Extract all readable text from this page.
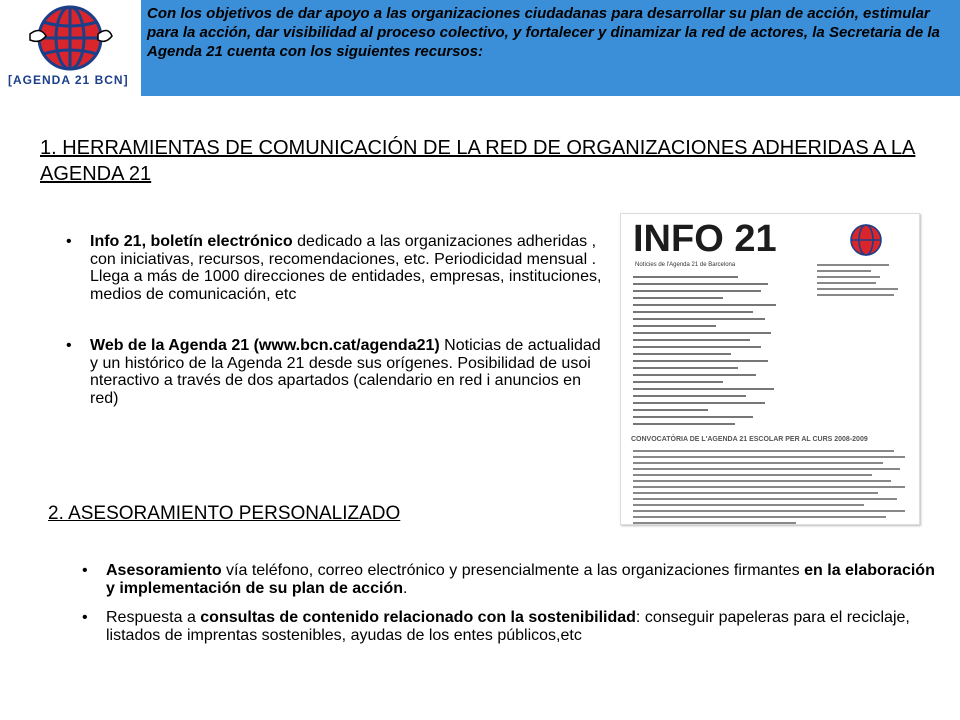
[AGENDA 21 BCN]
Con los objetivos de dar apoyo a las organizaciones ciudadanas para desarrollar su plan de acción, estimular para la acción, dar visibilidad al proceso colectivo, y fortalecer y dinamizar la red de actores, la Secretaria de la Agenda 21 cuenta con los siguientes recursos:
1. HERRAMIENTAS DE COMUNICACIÓN DE LA RED DE ORGANIZACIONES ADHERIDAS A LA AGENDA 21
• Info 21, boletín electrónico dedicado a las organizaciones adheridas , con iniciativas, recursos, recomendaciones, etc. Periodicidad mensual . Llega a más de 1000 direcciones de entidades, empresas, instituciones, medios de comunicación, etc
• Web de la Agenda 21 (www.bcn.cat/agenda21) Noticias de actualidad y un histórico de la Agenda 21 desde sus orígenes. Posibilidad de usoi nteractivo a través de dos apartados (calendario en red i anuncios en red)
INFO 21
Notícies de l'Agenda 21 de Barcelona
CONVOCATÒRIA DE L'AGENDA 21 ESCOLAR PER AL CURS 2008-2009
2. ASESORAMIENTO PERSONALIZADO
• Asesoramiento vía teléfono, correo electrónico y presencialmente a las organizaciones firmantes en la elaboración y implementación de su plan de acción.
• Respuesta a consultas de contenido relacionado con la sostenibilidad: conseguir papeleras para el reciclaje, listados de imprentas sostenibles, ayudas de los entes públicos,etc
